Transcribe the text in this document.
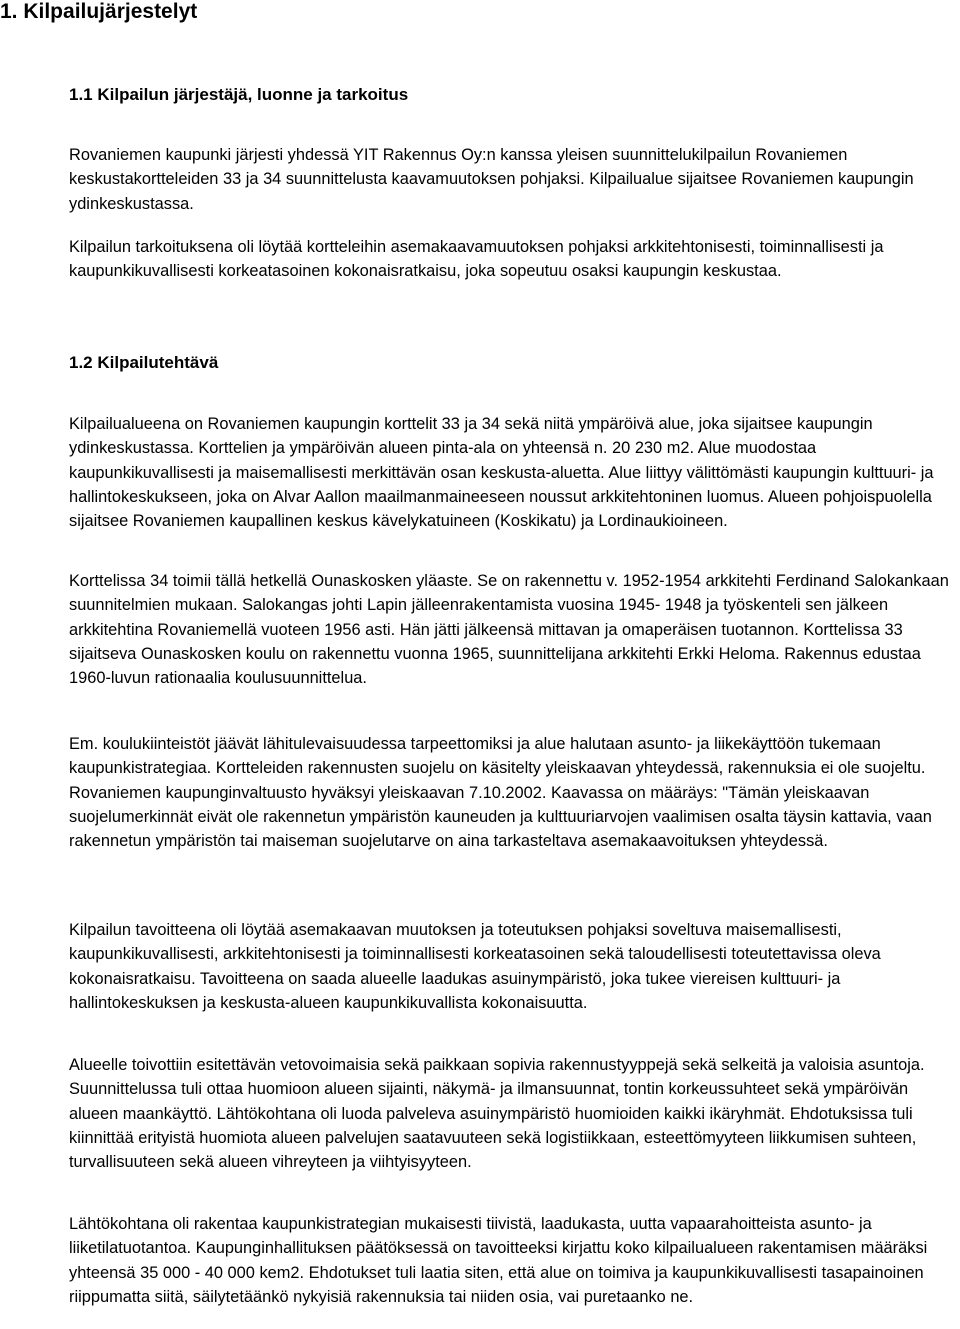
1. Kilpailujärjestelyt
1.1 Kilpailun järjestäjä, luonne ja tarkoitus

Rovaniemen kaupunki järjesti yhdessä YIT Rakennus Oy:n kanssa yleisen suunnittelukilpailun Rovaniemen keskustakortteleiden 33 ja 34 suunnittelusta kaavamuutoksen pohjaksi. Kilpailualue sijaitsee Rovaniemen kaupungin ydinkeskustassa.

Kilpailun tarkoituksena oli löytää kortteleihin asemakaavamuutoksen pohjaksi arkkitehtonisesti, toiminnallisesti ja kaupunkikuvallisesti korkeatasoinen kokonaisratkaisu, joka sopeutuu osaksi kaupungin keskustaa.

1.2 Kilpailutehtävä

Kilpailualueena on Rovaniemen kaupungin korttelit 33 ja 34 sekä niitä ympäröivä alue, joka sijaitsee kaupungin ydinkeskustassa. Korttelien ja ympäröivän alueen pinta-ala on yhteensä n. 20 230 m2. Alue muodostaa kaupunkikuvallisesti ja maisemallisesti merkittävän osan keskusta-aluetta. Alue liittyy välittömästi kaupungin kulttuuri- ja hallintokeskukseen, joka on Alvar Aallon maailmanmaineeseen noussut arkkitehtoninen luomus. Alueen pohjoispuolella sijaitsee Rovaniemen kaupallinen keskus kävelykatuineen (Koskikatu) ja Lordinaukioineen.

Korttelissa 34 toimii tällä hetkellä Ounaskosken yläaste. Se on rakennettu v. 1952-1954 arkkitehti Ferdinand Salokankaan suunnitelmien mukaan. Salokangas johti Lapin jälleenrakentamista vuosina 1945- 1948 ja työskenteli sen jälkeen arkkitehtina Rovaniemellä vuoteen 1956 asti. Hän jätti jälkeensä mittavan ja omaperäisen tuotannon. Korttelissa 33 sijaitseva Ounaskosken koulu on rakennettu vuonna 1965, suunnittelijana arkkitehti Erkki Heloma. Rakennus edustaa 1960-luvun rationaalia koulusuunnittelua.

Em. koulukiinteistöt jäävät lähitulevaisuudessa tarpeettomiksi ja alue halutaan asunto- ja liikekäyttöön tukemaan kaupunkistrategiaa. Kortteleiden rakennusten suojelu on käsitelty yleiskaavan yhteydessä, rakennuksia ei ole suojeltu. Rovaniemen kaupunginvaltuusto hyväksyi yleiskaavan 7.10.2002. Kaavassa on määräys: "Tämän yleiskaavan suojelumerkinnät eivät ole rakennetun ympäristön kauneuden ja kulttuuriarvojen vaalimisen osalta täysin kattavia, vaan rakennetun ympäristön tai maiseman suojelutarve on aina tarkasteltava asemakaavoituksen yhteydessä.

Kilpailun tavoitteena oli löytää asemakaavan muutoksen ja toteutuksen pohjaksi soveltuva maisemallisesti, kaupunkikuvallisesti, arkkitehtonisesti ja toiminnallisesti korkeatasoinen sekä taloudellisesti toteutettavissa oleva kokonaisratkaisu. Tavoitteena on saada alueelle laadukas asuinympäristö, joka tukee viereisen kulttuuri- ja hallintokeskuksen ja keskusta-alueen kaupunkikuvallista kokonaisuutta.

Alueelle toivottiin esitettävän vetovoimaisia sekä paikkaan sopivia rakennustyyppejä sekä selkeitä ja valoisia asuntoja. Suunnittelussa tuli ottaa huomioon alueen sijainti, näkymä- ja ilmansuunnat, tontin korkeussuhteet sekä ympäröivän alueen maankäyttö. Lähtökohtana oli luoda palveleva asuinympäristö huomioiden kaikki ikäryhmät. Ehdotuksissa tuli kiinnittää erityistä huomiota alueen palvelujen saatavuuteen sekä logistiikkaan, esteettömyyteen liikkumisen suhteen, turvallisuuteen sekä alueen vihreyteen ja viihtyisyyteen.

Lähtökohtana oli rakentaa kaupunkistrategian mukaisesti tiivistä, laadukasta, uutta vapaarahoitteista asunto- ja liiketilatuotantoa. Kaupunginhallituksen päätöksessä on tavoitteeksi kirjattu koko kilpailualueen rakentamisen määräksi yhteensä 35 000 - 40 000 kem2. Ehdotukset tuli laatia siten, että alue on toimiva ja kaupunkikuvallisesti tasapainoinen riippumatta siitä, säilytetäänkö nykyisiä rakennuksia tai niiden osia, vai puretaanko ne.
